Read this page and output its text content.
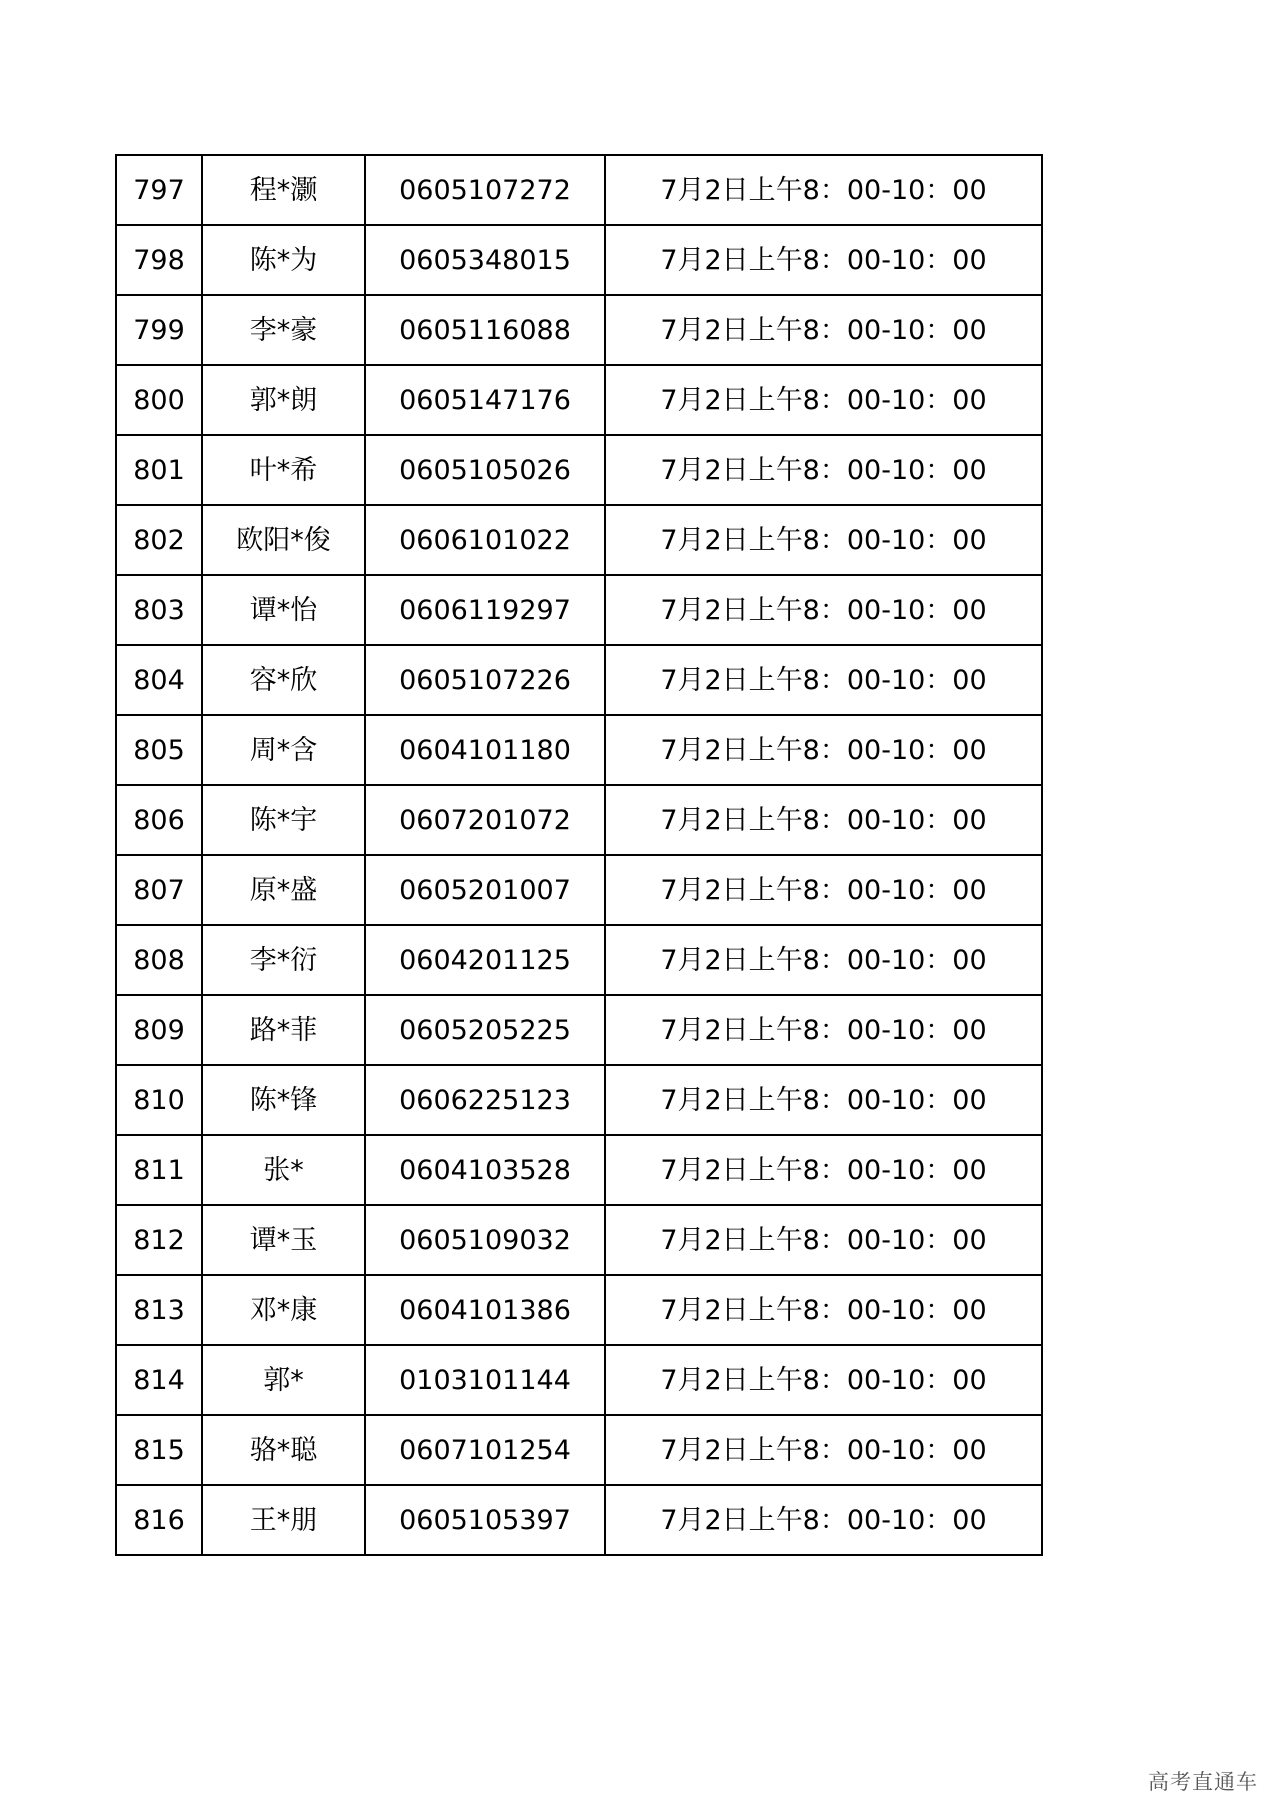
797	程*灏	0605107272	7月2日上午8：00-10：00
798	陈*为	0605348015	7月2日上午8：00-10：00
799	李*豪	0605116088	7月2日上午8：00-10：00
800	郭*朗	0605147176	7月2日上午8：00-10：00
801	叶*希	0605105026	7月2日上午8：00-10：00
802	欧阳*俊	0606101022	7月2日上午8：00-10：00
803	谭*怡	0606119297	7月2日上午8：00-10：00
804	容*欣	0605107226	7月2日上午8：00-10：00
805	周*含	0604101180	7月2日上午8：00-10：00
806	陈*宇	0607201072	7月2日上午8：00-10：00
807	原*盛	0605201007	7月2日上午8：00-10：00
808	李*衍	0604201125	7月2日上午8：00-10：00
809	路*菲	0605205225	7月2日上午8：00-10：00
810	陈*锋	0606225123	7月2日上午8：00-10：00
811	张*	0604103528	7月2日上午8：00-10：00
812	谭*玉	0605109032	7月2日上午8：00-10：00
813	邓*康	0604101386	7月2日上午8：00-10：00
814	郭*	0103101144	7月2日上午8：00-10：00
815	骆*聪	0607101254	7月2日上午8：00-10：00
816	王*朋	0605105397	7月2日上午8：00-10：00
高考直通车
